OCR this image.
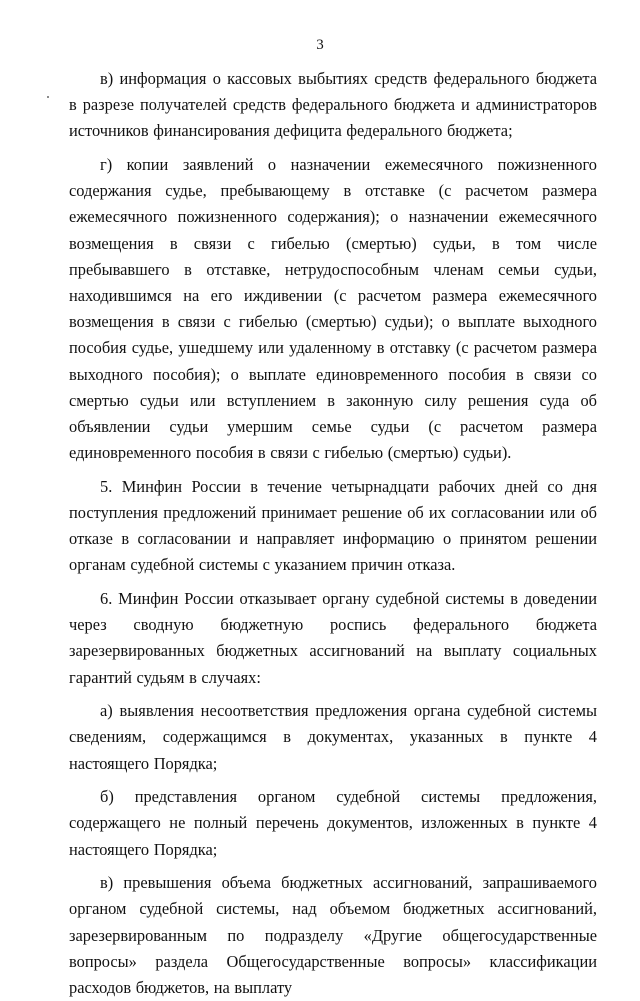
3

в) информация о кассовых выбытиях средств федерального бюджета в разрезе получателей средств федерального бюджета и администраторов источников финансирования дефицита федерального бюджета;

г) копии заявлений о назначении ежемесячного пожизненного содержания судье, пребывающему в отставке (с расчетом размера ежемесячного пожизненного содержания); о назначении ежемесячного возмещения в связи с гибелью (смертью) судьи, в том числе пребывавшего в отставке, нетрудоспособным членам семьи судьи, находившимся на его иждивении (с расчетом размера ежемесячного возмещения в связи с гибелью (смертью) судьи); о выплате выходного пособия судье, ушедшему или удаленному в отставку (с расчетом размера выходного пособия); о выплате единовременного пособия в связи со смертью судьи или вступлением в законную силу решения суда об объявлении судьи умершим семье судьи (с расчетом размера единовременного пособия в связи с гибелью (смертью) судьи).

5. Минфин России в течение четырнадцати рабочих дней со дня поступления предложений принимает решение об их согласовании или об отказе в согласовании и направляет информацию о принятом решении органам судебной системы с указанием причин отказа.

6. Минфин России отказывает органу судебной системы в доведении через сводную бюджетную роспись федерального бюджета зарезервированных бюджетных ассигнований на выплату социальных гарантий судьям в случаях:

а) выявления несоответствия предложения органа судебной системы сведениям, содержащимся в документах, указанных в пункте 4 настоящего Порядка;

б) представления органом судебной системы предложения, содержащего не полный перечень документов, изложенных в пункте 4 настоящего Порядка;

в) превышения объема бюджетных ассигнований, запрашиваемого органом судебной системы, над объемом бюджетных ассигнований, зарезервированным по подразделу «Другие общегосударственные вопросы» раздела Общегосударственные вопросы» классификации расходов бюджетов, на выплату
